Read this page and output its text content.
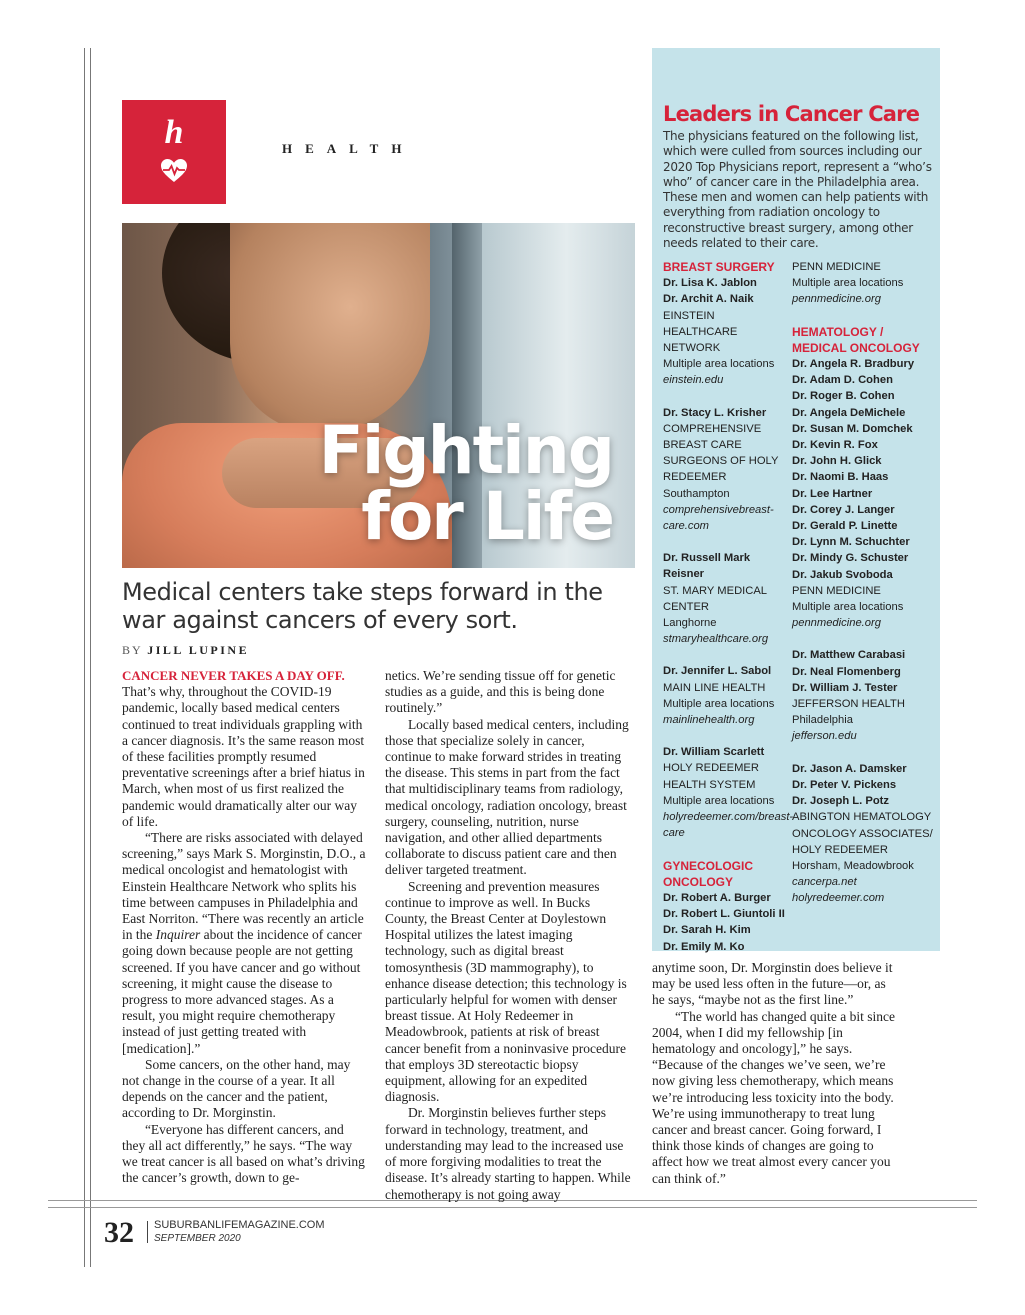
h	HEALTH
Fighting
for Life
Medical centers take steps forward in the war against cancers of every sort.
BY JILL LUPINE

CANCER NEVER TAKES A DAY OFF. That’s why, throughout the COVID-19 pandemic, locally based medical centers continued to treat individuals grappling with a cancer diagnosis. It’s the same reason most of these facilities promptly resumed preventative screenings after a brief hiatus in March, when most of us first realized the pandemic would dramatically alter our way of life.

“There are risks associated with delayed screening,” says Mark S. Morginstin, D.O., a medical oncologist and hematologist with Einstein Healthcare Network who splits his time between campuses in Philadelphia and East Norriton. “There was recently an article in the Inquirer about the incidence of cancer going down because people are not getting screened. If you have cancer and go without screening, it might cause the disease to progress to more advanced stages. As a result, you might require chemotherapy instead of just getting treated with [medication].”

Some cancers, on the other hand, may not change in the course of a year. It all depends on the cancer and the patient, according to Dr. Morginstin.

“Everyone has different cancers, and they all act differently,” he says. “The way we treat cancer is all based on what’s driving the cancer’s growth, down to ge-

netics. We’re sending tissue off for genetic studies as a guide, and this is being done routinely.”

Locally based medical centers, including those that specialize solely in cancer, continue to make forward strides in treating the disease. This stems in part from the fact that multidisciplinary teams from radiology, medical oncology, radiation oncology, breast surgery, counseling, nutrition, nurse navigation, and other allied departments collaborate to discuss patient care and then deliver targeted treatment.

Screening and prevention measures continue to improve as well. In Bucks County, the Breast Center at Doylestown Hospital utilizes the latest imaging technology, such as digital breast tomosynthesis (3D mammography), to enhance disease detection; this technology is particularly helpful for women with denser breast tissue. At Holy Redeemer in Meadowbrook, patients at risk of breast cancer benefit from a noninvasive procedure that employs 3D stereotactic biopsy equipment, allowing for an expedited diagnosis.

Dr. Morginstin believes further steps forward in technology, treatment, and understanding may lead to the increased use of more forgiving modalities to treat the disease. It’s already starting to happen. While chemotherapy is not going away

anytime soon, Dr. Morginstin does believe it may be used less often in the future—or, as he says, “maybe not as the first line.”

“The world has changed quite a bit since 2004, when I did my fellowship [in hematology and oncology],” he says. “Because of the changes we’ve seen, we’re now giving less chemotherapy, which means we’re introducing less toxicity into the body. We’re using immunotherapy to treat lung cancer and breast cancer. Going forward, I think those kinds of changes are going to affect how we treat almost every cancer you can think of.”

Leaders in Cancer Care
The physicians featured on the following list, which were culled from sources including our 2020 Top Physicians report, represent a “who’s who” of cancer care in the Philadelphia area. These men and women can help patients with everything from radiation oncology to reconstructive breast surgery, among other needs related to their care.
BREAST SURGERY
Dr. Lisa K. Jablon
Dr. Archit A. Naik
EINSTEIN HEALTHCARE NETWORK
Multiple area locations
einstein.edu
Dr. Stacy L. Krisher
COMPREHENSIVE BREAST CARE SURGEONS OF HOLY REDEEMER
Southampton
comprehensivebreast-care.com
Dr. Russell Mark Reisner
ST. MARY MEDICAL CENTER
Langhorne
stmaryhealthcare.org
Dr. Jennifer L. Sabol
MAIN LINE HEALTH
Multiple area locations
mainlinehealth.org
Dr. William Scarlett
HOLY REDEEMER HEALTH SYSTEM
Multiple area locations
holyredeemer.com/breast-care
GYNECOLOGIC ONCOLOGY
Dr. Robert A. Burger
Dr. Robert L. Giuntoli II
Dr. Sarah H. Kim
Dr. Emily M. Ko
PENN MEDICINE
Multiple area locations
pennmedicine.org
HEMATOLOGY / MEDICAL ONCOLOGY
Dr. Angela R. Bradbury
Dr. Adam D. Cohen
Dr. Roger B. Cohen
Dr. Angela DeMichele
Dr. Susan M. Domchek
Dr. Kevin R. Fox
Dr. John H. Glick
Dr. Naomi B. Haas
Dr. Lee Hartner
Dr. Corey J. Langer
Dr. Gerald P. Linette
Dr. Lynn M. Schuchter
Dr. Mindy G. Schuster
Dr. Jakub Svoboda
PENN MEDICINE
Multiple area locations
pennmedicine.org
Dr. Matthew Carabasi
Dr. Neal Flomenberg
Dr. William J. Tester
JEFFERSON HEALTH
Philadelphia
jefferson.edu
Dr. Jason A. Damsker
Dr. Peter V. Pickens
Dr. Joseph L. Potz
ABINGTON HEMATOLOGY ONCOLOGY ASSOCIATES/ HOLY REDEEMER
Horsham, Meadowbrook
cancerpa.net
holyredeemer.com
32 SUBURBANLIFEMAGAZINE.COM
SEPTEMBER 2020
